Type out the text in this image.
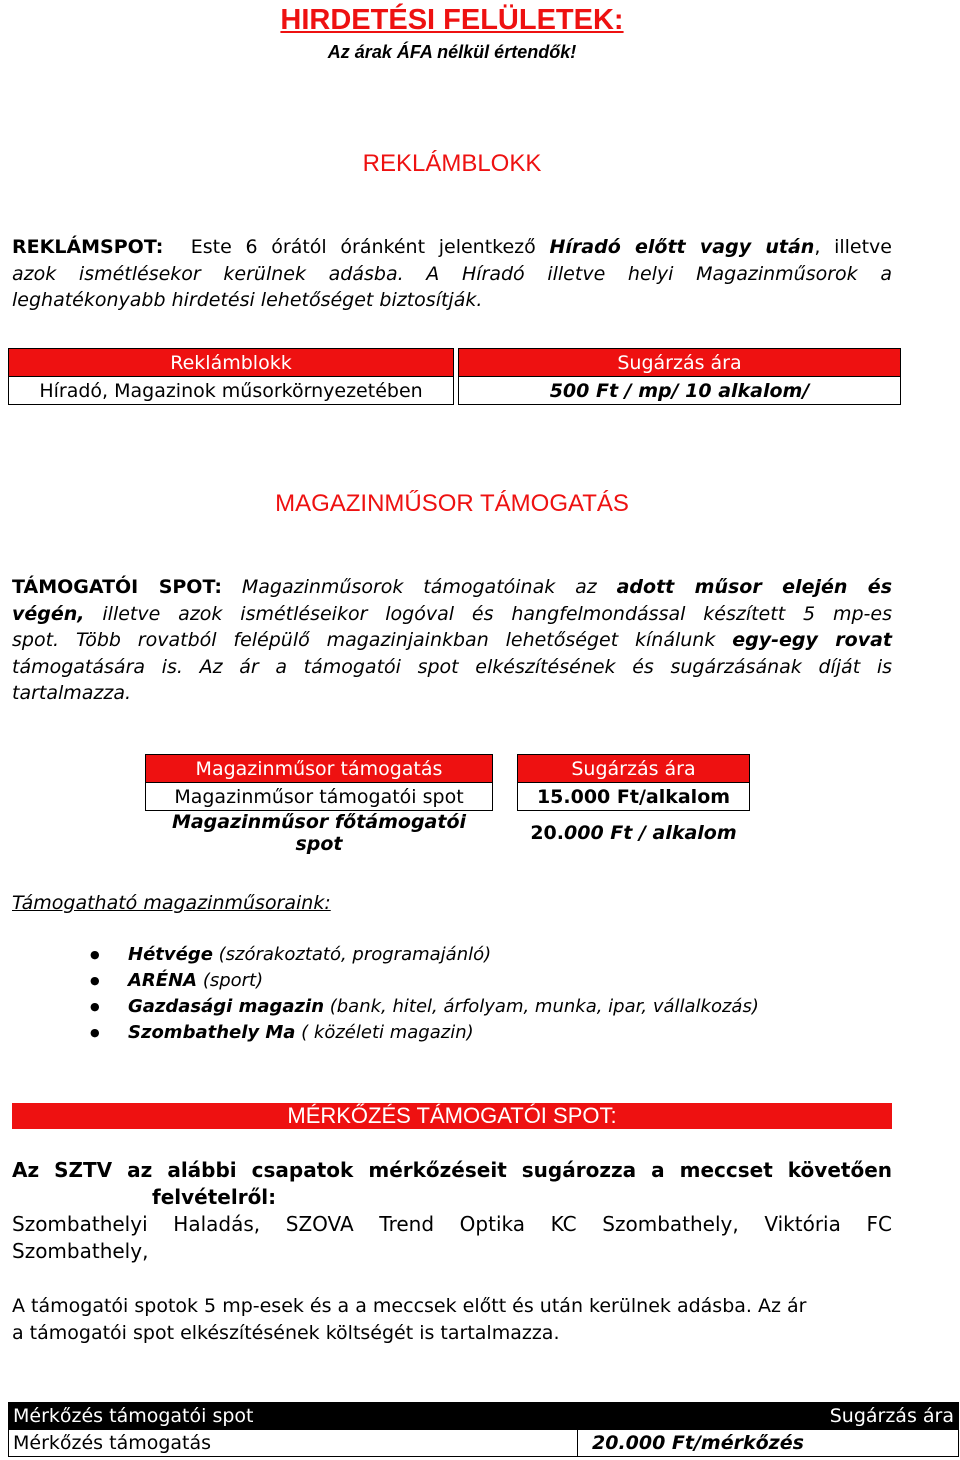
HIRDETÉSI FELÜLETEK:
Az árak ÁFA nélkül értendők!
REKLÁMBLOKK
REKLÁMSPOT: Este 6 órától óránként jelentkező Híradó előtt vagy után, illetve
azok ismétlésekor kerülnek adásba. A Híradó illetve helyi Magazinműsorok a
leghatékonyabb hirdetési lehetőséget biztosítják.
Reklámblokk		Sugárzás ára
Híradó, Magazinok műsorkörnyezetében		500 Ft / mp/ 10 alkalom/
MAGAZINMŰSOR TÁMOGATÁS
TÁMOGATÓI SPOT: Magazinműsorok támogatóinak az adott műsor elején és
végén, illetve azok ismétléseikor logóval és hangfelmondással készített 5 mp-es
spot. Több rovatból felépülő magazinjainkban lehetőséget kínálunk egy-egy rovat
támogatására is. Az ár a támogatói spot elkészítésének és sugárzásának díját is
tartalmazza.
Magazinműsor támogatás		Sugárzás ára
Magazinműsor támogatói spot		15.000 Ft/alkalom
Magazinműsor főtámogatói spot		20.000 Ft / alkalom
Támogatható magazinműsoraink:
● Hétvége (szórakoztató, programajánló)
● ARÉNA (sport)
● Gazdasági magazin (bank, hitel, árfolyam, munka, ipar, vállalkozás)
● Szombathely Ma ( közéleti magazin)
MÉRKŐZÉS TÁMOGATÓI SPOT:
Az SZTV az alábbi csapatok mérkőzéseit sugározza a meccset követően
felvételről:
Szombathelyi Haladás, SZOVA Trend Optika KC Szombathely, Viktória FC
Szombathely,
A támogatói spotok 5 mp-esek és a a meccsek előtt és után kerülnek adásba. Az ár
a támogatói spot elkészítésének költségét is tartalmazza.
Mérkőzés támogatói spot	Sugárzás ára
Mérkőzés támogatás	20.000 Ft/mérkőzés
